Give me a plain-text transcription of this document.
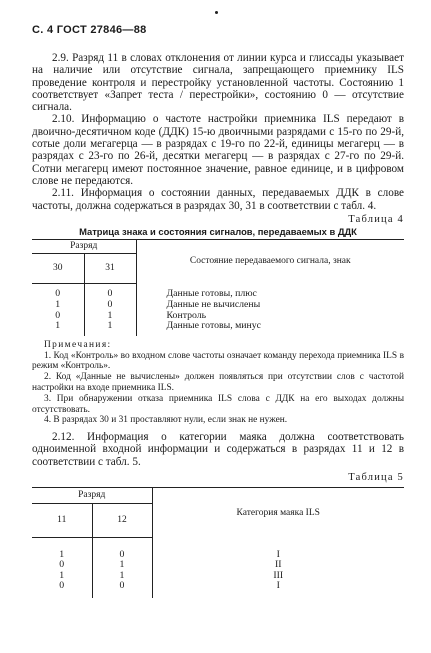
С. 4 ГОСТ 27846—88

2.9. Разряд 11 в словах отклонения от линии курса и глиссады указывает на наличие или отсутствие сигнала, запрещающего приемнику ILS проведение контроля и перестройку установленной частоты. Состоянию 1 соответствует «Запрет теста / перестройки», состоянию 0 — отсутствие сигнала.

2.10. Информацию о частоте настройки приемника ILS передают в двоично-десятичном коде (ДДК) 15-ю двоичными разрядами с 15-го по 29-й, сотые доли мегагерца — в разрядах с 19-го по 22-й, единицы мегагерц — в разрядах с 23-го по 26-й, десятки мегагерц — в разрядах с 27-го по 29-й. Сотни мегагерц имеют постоянное значение, равное единице, и в цифровом слове не передаются.

2.11. Информация о состоянии данных, передаваемых ДДК в слове частоты, должна содержаться в разрядах 30, 31 в соответствии с табл. 4.

Таблица 4
Матрица знака и состояния сигналов, передаваемых в ДДК
Разряд		Состояние передаваемого сигнала, знак
30	31	

0	0	Данные готовы, плюс
1	0	Данные не вычислены
0	1	Контроль
1	1	Данные готовы, минус

Примечания:

1. Код «Контроль» во входном слове частоты означает команду перехода приемника ILS в режим «Контроль».

2. Код «Данные не вычислены» должен появляться при отсутствии слов с частотой настройки на входе приемника ILS.

3. При обнаружении отказа приемника ILS слова с ДДК на его выходах должны отсутствовать.

4. В разрядах 30 и 31 проставляют нули, если знак не нужен.

2.12. Информация о категории маяка должна соответствовать одноименной входной информации и содержаться в разрядах 11 и 12 в соответствии с табл. 5.

Таблица 5
Разряд		Категория маяка ILS
11	12	

1	0	I
0	1	II
1	1	III
0	0	I
